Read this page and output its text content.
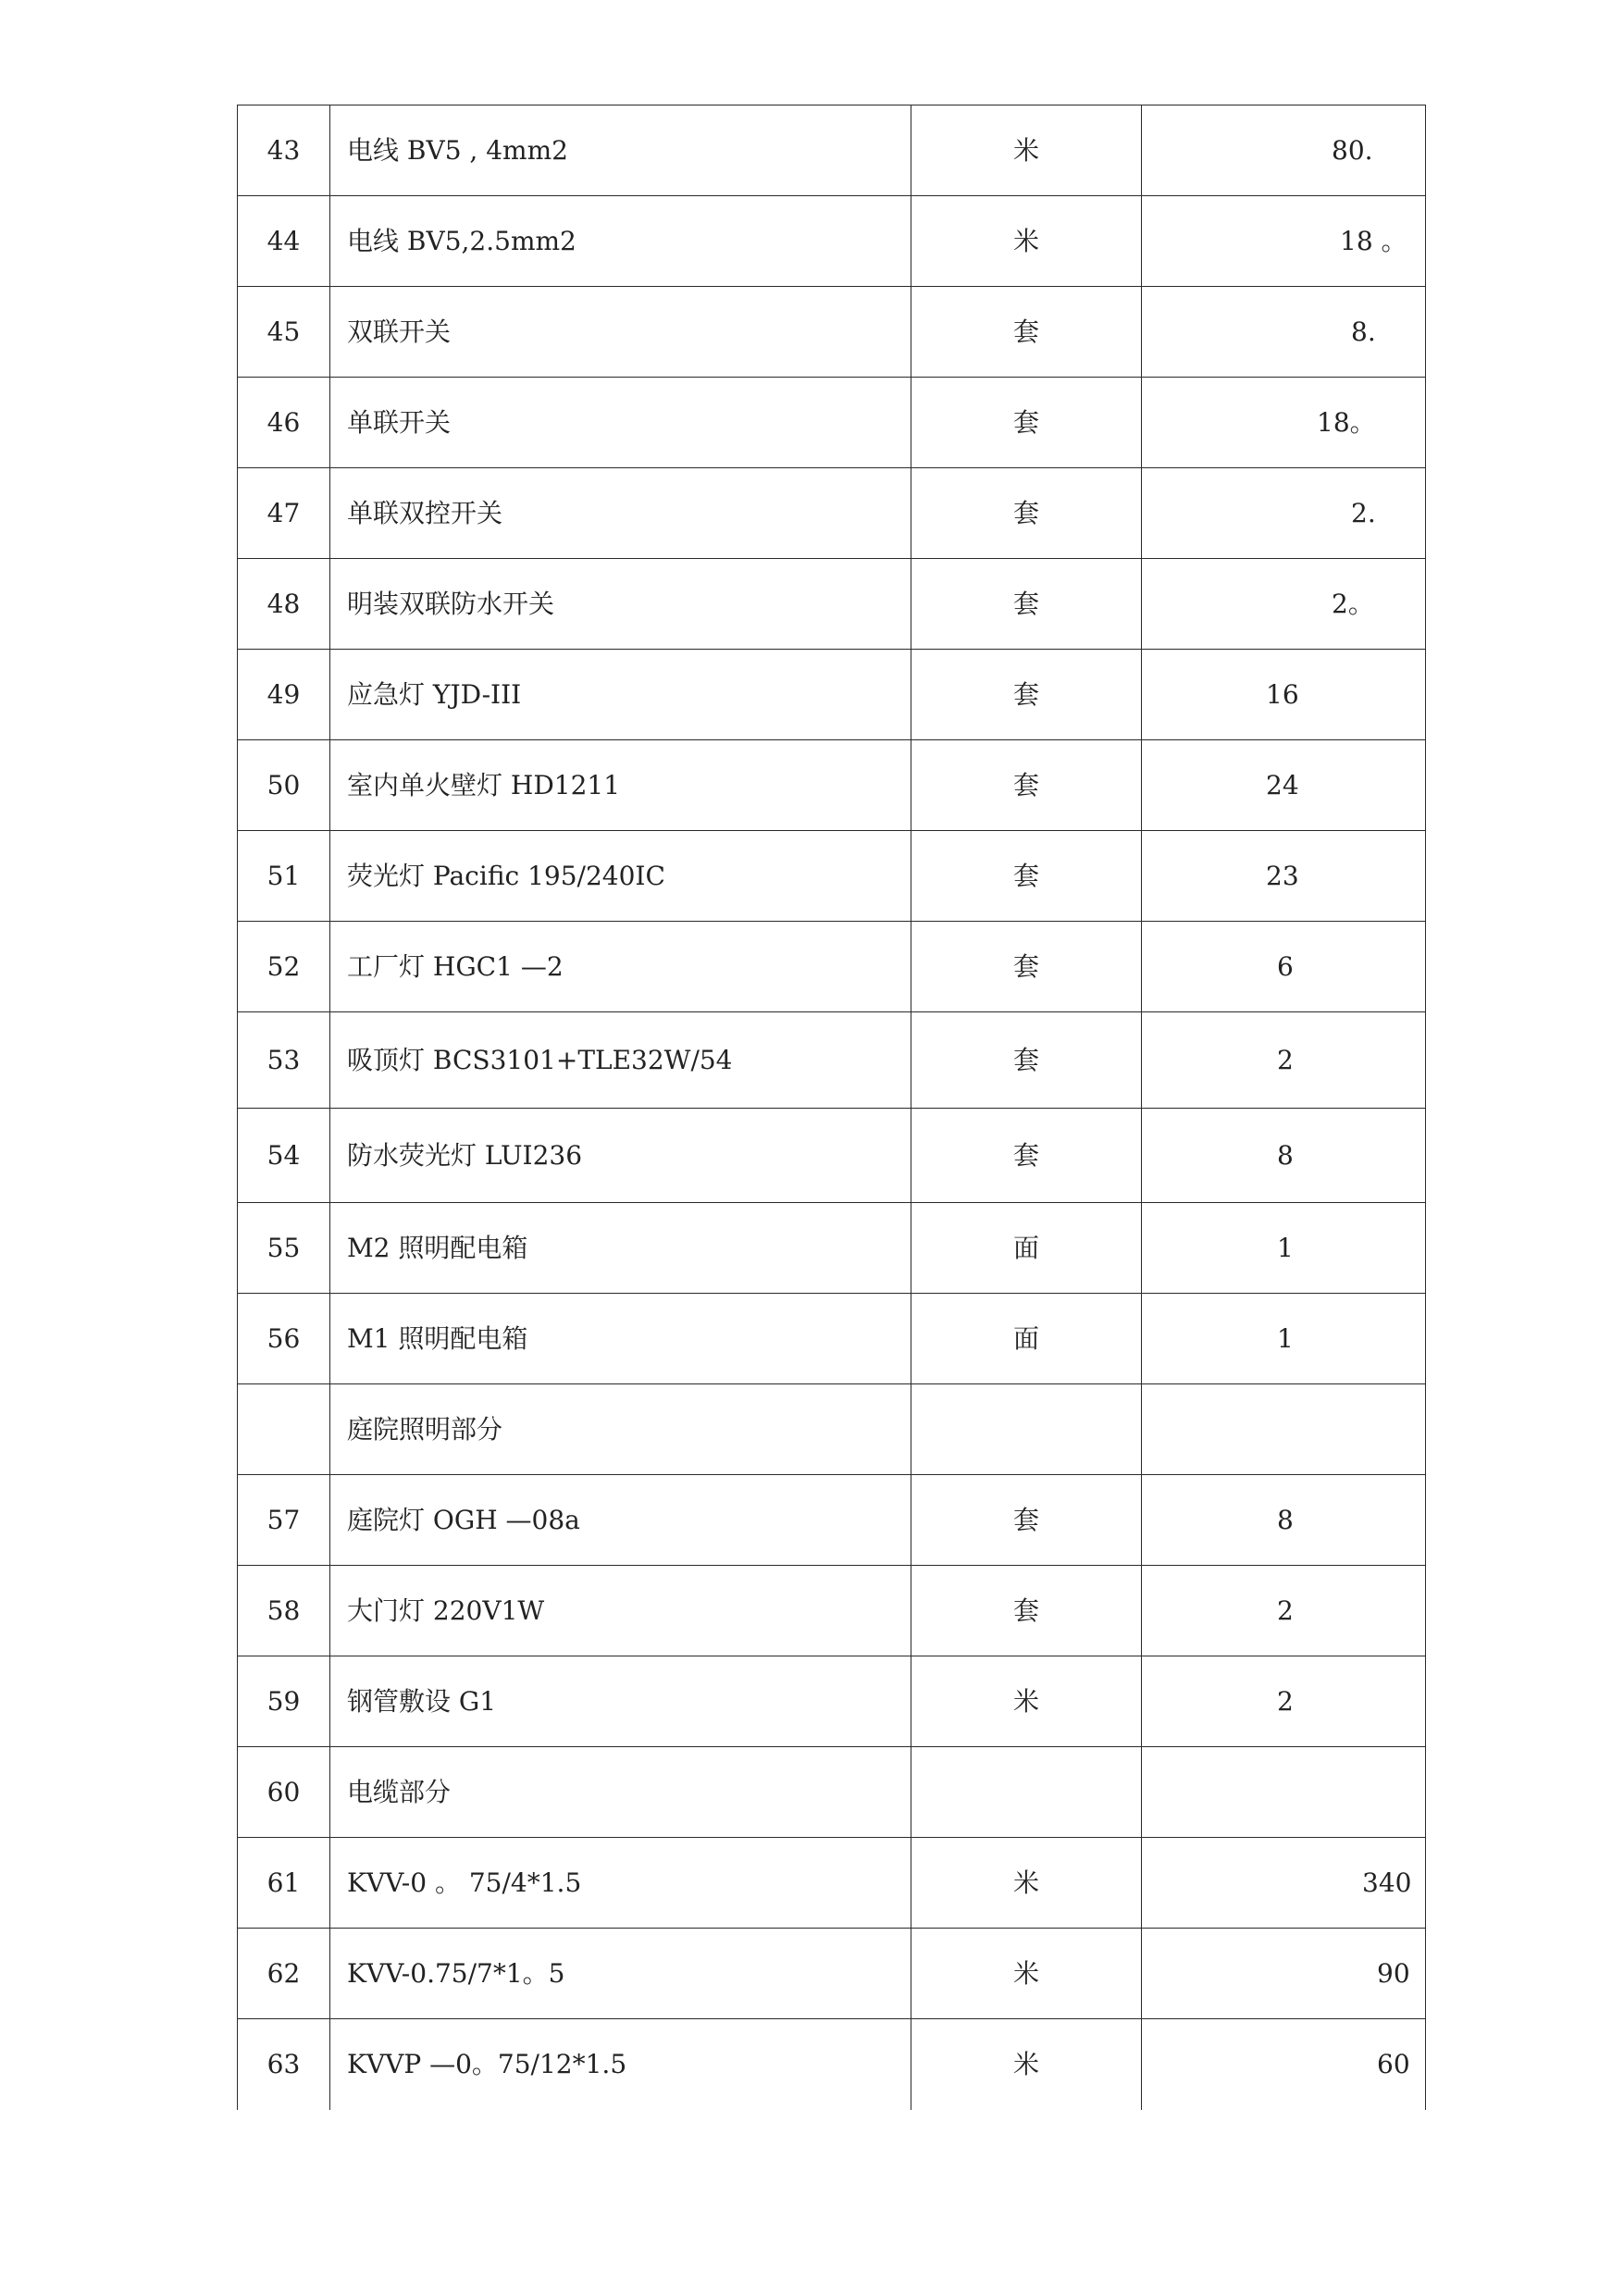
43	电线 BV5 , 4mm2	米	80.
44	电线 BV5,2.5mm2	米	18 。
45	双联开关	套	8.
46	单联开关	套	18。
47	单联双控开关	套	2.
48	明装双联防水开关	套	2。
49	应急灯 YJD-III	套	16
50	室内单火壁灯 HD1211	套	24
51	荧光灯 Pacific 195/240IC	套	23
52	工厂灯 HGC1 —2	套	6
53	吸顶灯 BCS3101+TLE32W/54	套	2
54	防水荧光灯 LUI236	套	8
55	M2 照明配电箱	面	1
56	M1 照明配电箱	面	1
	庭院照明部分		
57	庭院灯 OGH —08a	套	8
58	大门灯 220V1W	套	2
59	钢管敷设 G1	米	2
60	电缆部分		
61	KVV-0 。 75/4*1.5	米	340
62	KVV-0.75/7*1。5	米	90
63	KVVP —0。75/12*1.5	米	60
